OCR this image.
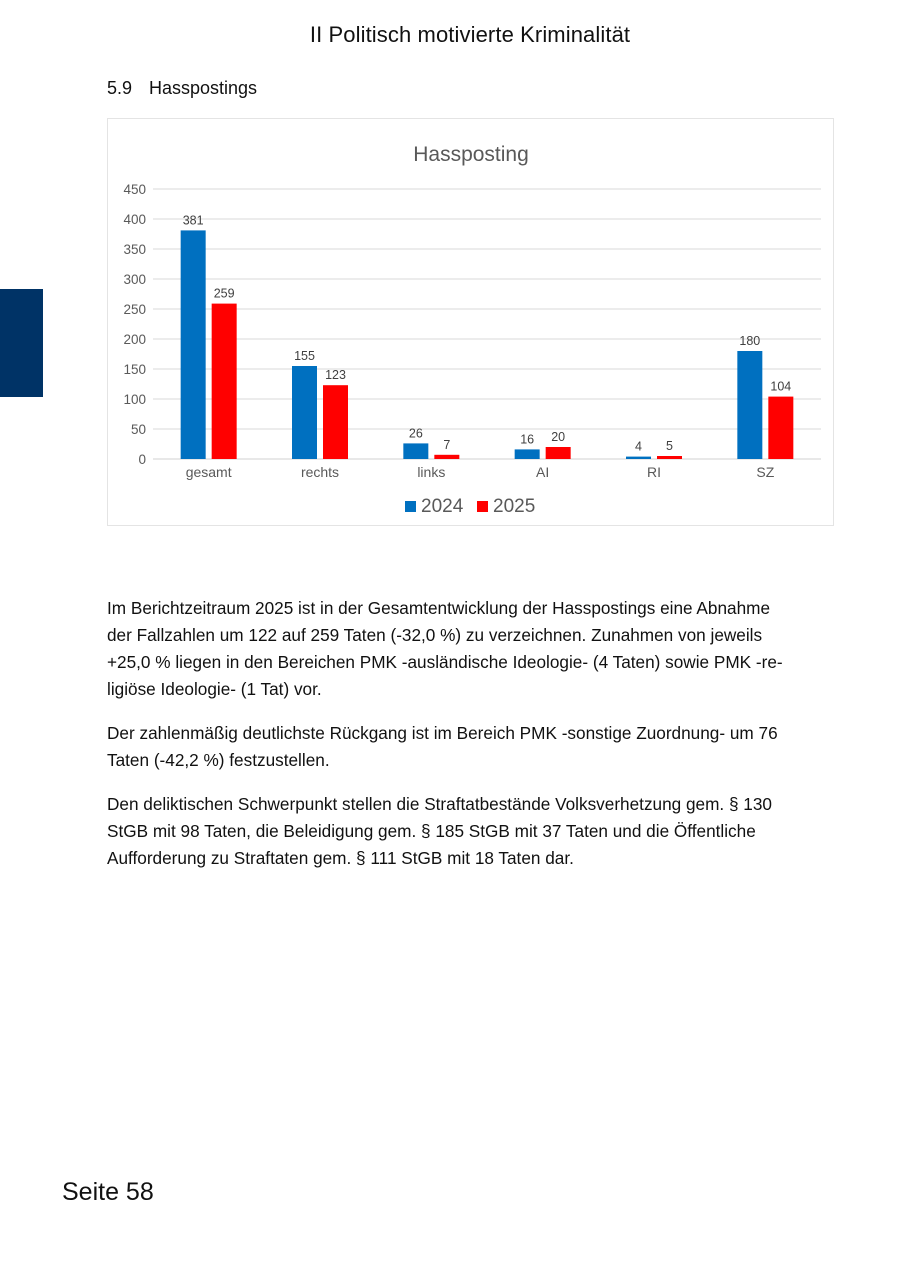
II Politisch motivierte Kriminalität
5.9 Hasspostings
Hassposting
0
50
100
150
200
250
300
350
400
450
381
259
gesamt
155
123
rechts
26
7
links
16 20
AI
4 5
RI
180
104
SZ
2024 2025

Im Berichtzeitraum 2025 ist in der Gesamtentwicklung der Hasspostings eine Abnahme
der Fallzahlen um 122 auf 259 Taten (-32,0 %) zu verzeichnen. Zunahmen von jeweils
+25,0 % liegen in den Bereichen PMK -ausländische Ideologie- (4 Taten) sowie PMK -re-
ligiöse Ideologie- (1 Tat) vor.

Der zahlenmäßig deutlichste Rückgang ist im Bereich PMK -sonstige Zuordnung- um 76
Taten (-42,2 %) festzustellen.

Den deliktischen Schwerpunkt stellen die Straftatbestände Volksverhetzung gem. § 130
StGB mit 98 Taten, die Beleidigung gem. § 185 StGB mit 37 Taten und die Öffentliche
Aufforderung zu Straftaten gem. § 111 StGB mit 18 Taten dar.

Seite 58
